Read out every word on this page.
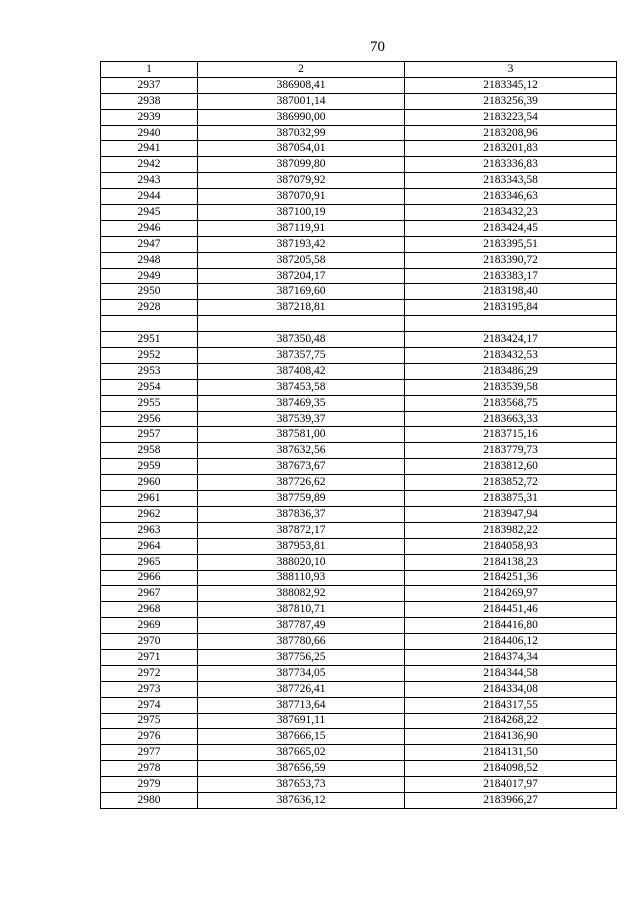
70
1	2	3
2937	386908,41	2183345,12
2938	387001,14	2183256,39
2939	386990,00	2183223,54
2940	387032,99	2183208,96
2941	387054,01	2183201,83
2942	387099,80	2183336,83
2943	387079,92	2183343,58
2944	387070,91	2183346,63
2945	387100,19	2183432,23
2946	387119,91	2183424,45
2947	387193,42	2183395,51
2948	387205,58	2183390,72
2949	387204,17	2183383,17
2950	387169,60	2183198,40
2928	387218,81	2183195,84

2951	387350,48	2183424,17
2952	387357,75	2183432,53
2953	387408,42	2183486,29
2954	387453,58	2183539,58
2955	387469,35	2183568,75
2956	387539,37	2183663,33
2957	387581,00	2183715,16
2958	387632,56	2183779,73
2959	387673,67	2183812,60
2960	387726,62	2183852,72
2961	387759,89	2183875,31
2962	387836,37	2183947,94
2963	387872,17	2183982,22
2964	387953,81	2184058,93
2965	388020,10	2184138,23
2966	388110,93	2184251,36
2967	388082,92	2184269,97
2968	387810,71	2184451,46
2969	387787,49	2184416,80
2970	387780,66	2184406,12
2971	387756,25	2184374,34
2972	387734,05	2184344,58
2973	387726,41	2184334,08
2974	387713,64	2184317,55
2975	387691,11	2184268,22
2976	387666,15	2184136,90
2977	387665,02	2184131,50
2978	387656,59	2184098,52
2979	387653,73	2184017,97
2980	387636,12	2183966,27
